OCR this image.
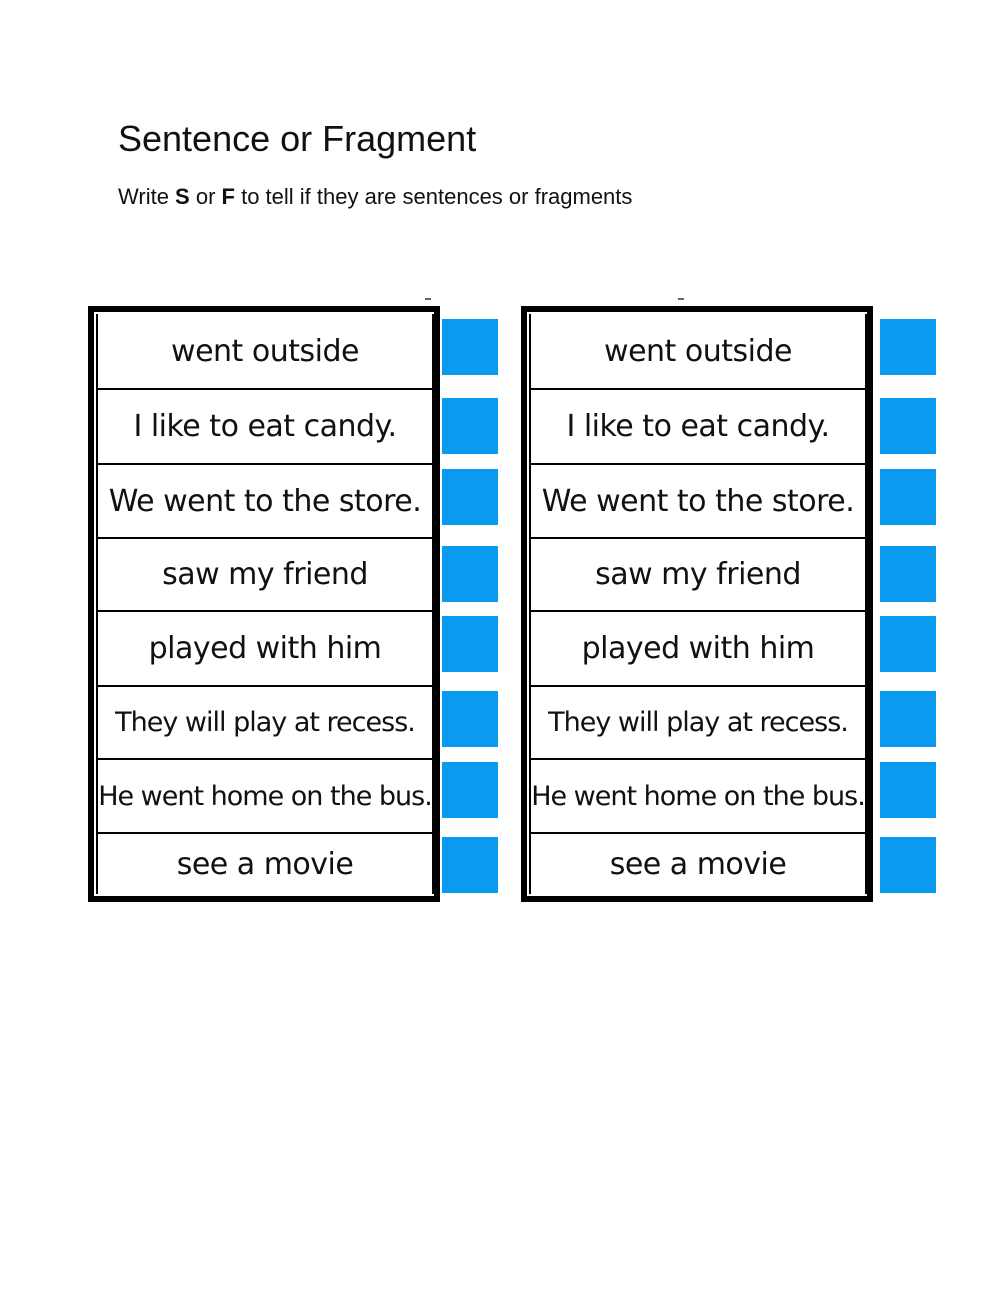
Sentence or Fragment
Write S or F to tell if they are sentences or fragments
went outside
I like to eat candy.
We went to the store.
saw my friend
played with him
They will play at recess.
He went home on the bus.
see a movie
went outside
I like to eat candy.
We went to the store.
saw my friend
played with him
They will play at recess.
He went home on the bus.
see a movie
